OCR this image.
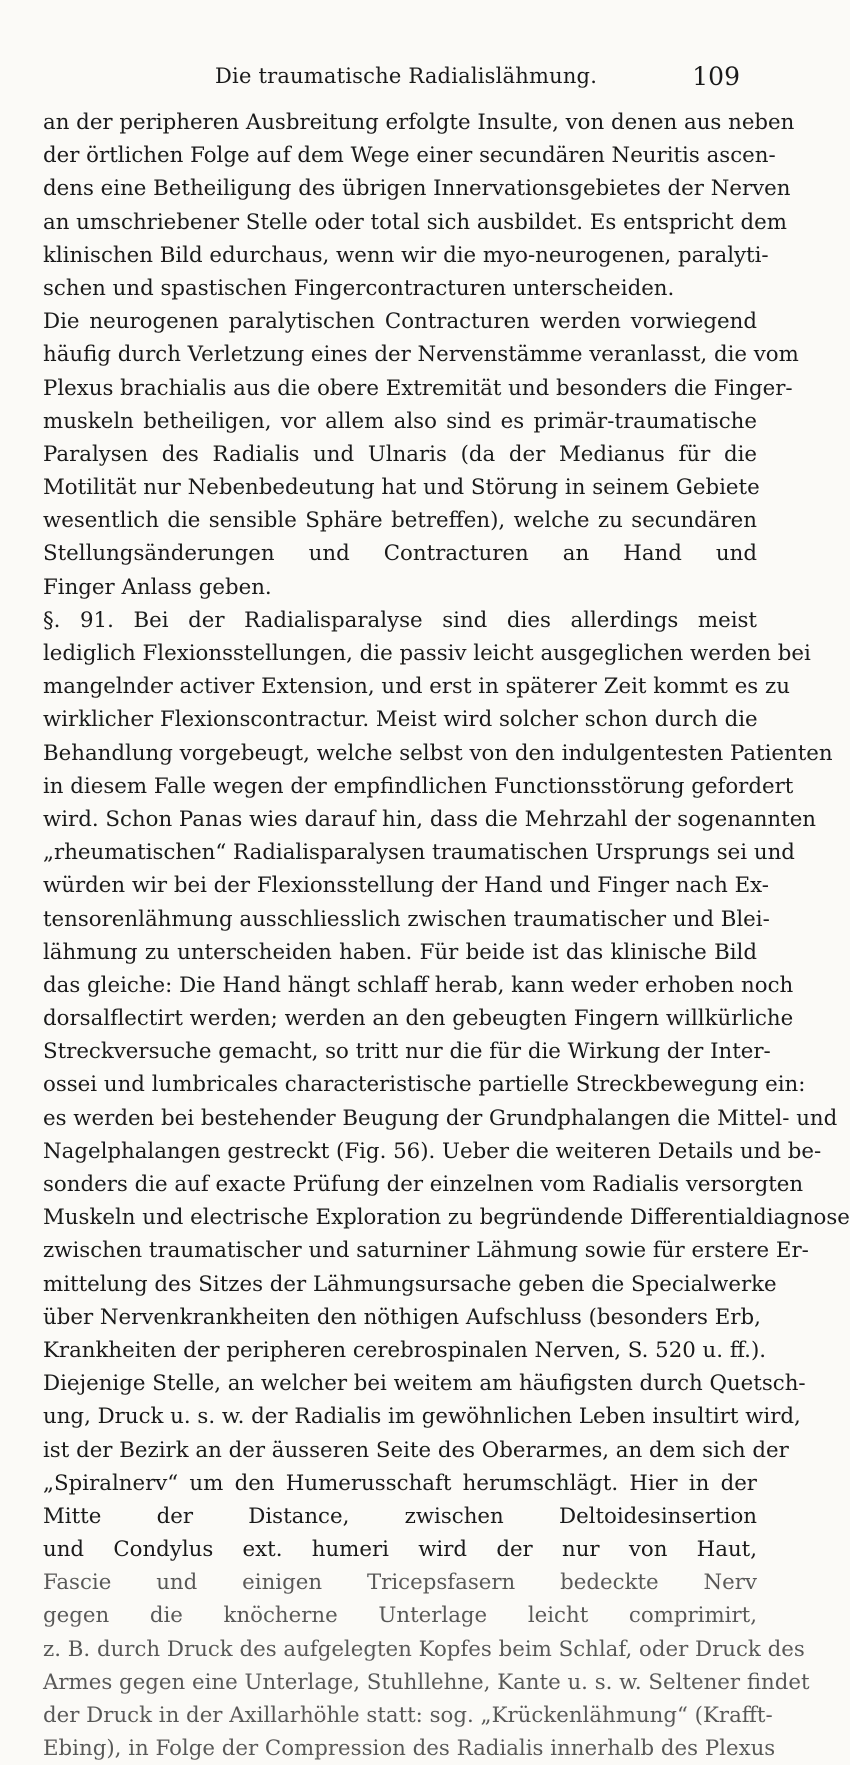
Die traumatische Radialislähmung.	109
an der peripheren Ausbreitung erfolgte Insulte, von denen aus neben
der örtlichen Folge auf dem Wege einer secundären Neuritis ascen-
dens eine Betheiligung des übrigen Innervationsgebietes der Nerven
an umschriebener Stelle oder total sich ausbildet. Es entspricht dem
klinischen Bild edurchaus, wenn wir die myo-neurogenen, paralyti-
schen und spastischen Fingercontracturen unterscheiden.
Die neurogenen paralytischen Contracturen werden vorwiegend
häufig durch Verletzung eines der Nervenstämme veranlasst, die vom
Plexus brachialis aus die obere Extremität und besonders die Finger-
muskeln betheiligen, vor allem also sind es primär-traumatische
Paralysen des Radialis und Ulnaris (da der Medianus für die
Motilität nur Nebenbedeutung hat und Störung in seinem Gebiete
wesentlich die sensible Sphäre betreffen), welche zu secundären
Stellungsänderungen und Contracturen an Hand und
Finger Anlass geben.
§. 91. Bei der Radialisparalyse sind dies allerdings meist
lediglich Flexionsstellungen, die passiv leicht ausgeglichen werden bei
mangelnder activer Extension, und erst in späterer Zeit kommt es zu
wirklicher Flexionscontractur. Meist wird solcher schon durch die
Behandlung vorgebeugt, welche selbst von den indulgentesten Patienten
in diesem Falle wegen der empfindlichen Functionsstörung gefordert
wird. Schon Panas wies darauf hin, dass die Mehrzahl der sogenannten
„rheumatischen“ Radialisparalysen traumatischen Ursprungs sei und
würden wir bei der Flexionsstellung der Hand und Finger nach Ex-
tensorenlähmung ausschliesslich zwischen traumatischer und Blei-
lähmung zu unterscheiden haben. Für beide ist das klinische Bild
das gleiche: Die Hand hängt schlaff herab, kann weder erhoben noch
dorsalflectirt werden; werden an den gebeugten Fingern willkürliche
Streckversuche gemacht, so tritt nur die für die Wirkung der Inter-
ossei und lumbricales characteristische partielle Streckbewegung ein:
es werden bei bestehender Beugung der Grundphalangen die Mittel- und
Nagelphalangen gestreckt (Fig. 56). Ueber die weiteren Details und be-
sonders die auf exacte Prüfung der einzelnen vom Radialis versorgten
Muskeln und electrische Exploration zu begründende Differentialdiagnose
zwischen traumatischer und saturniner Lähmung sowie für erstere Er-
mittelung des Sitzes der Lähmungsursache geben die Specialwerke
über Nervenkrankheiten den nöthigen Aufschluss (besonders Erb,
Krankheiten der peripheren cerebrospinalen Nerven, S. 520 u. ff.).
Diejenige Stelle, an welcher bei weitem am häufigsten durch Quetsch-
ung, Druck u. s. w. der Radialis im gewöhnlichen Leben insultirt wird,
ist der Bezirk an der äusseren Seite des Oberarmes, an dem sich der
„Spiralnerv“ um den Humerusschaft herumschlägt. Hier in der
Mitte der Distance, zwischen Deltoidesinsertion
und Condylus ext. humeri wird der nur von Haut,
Fascie und einigen Tricepsfasern bedeckte Nerv
gegen die knöcherne Unterlage leicht comprimirt,
z. B. durch Druck des aufgelegten Kopfes beim Schlaf, oder Druck des
Armes gegen eine Unterlage, Stuhllehne, Kante u. s. w. Seltener findet
der Druck in der Axillarhöhle statt: sog. „Krückenlähmung“ (Krafft-
Ebing), in Folge der Compression des Radialis innerhalb des Plexus
